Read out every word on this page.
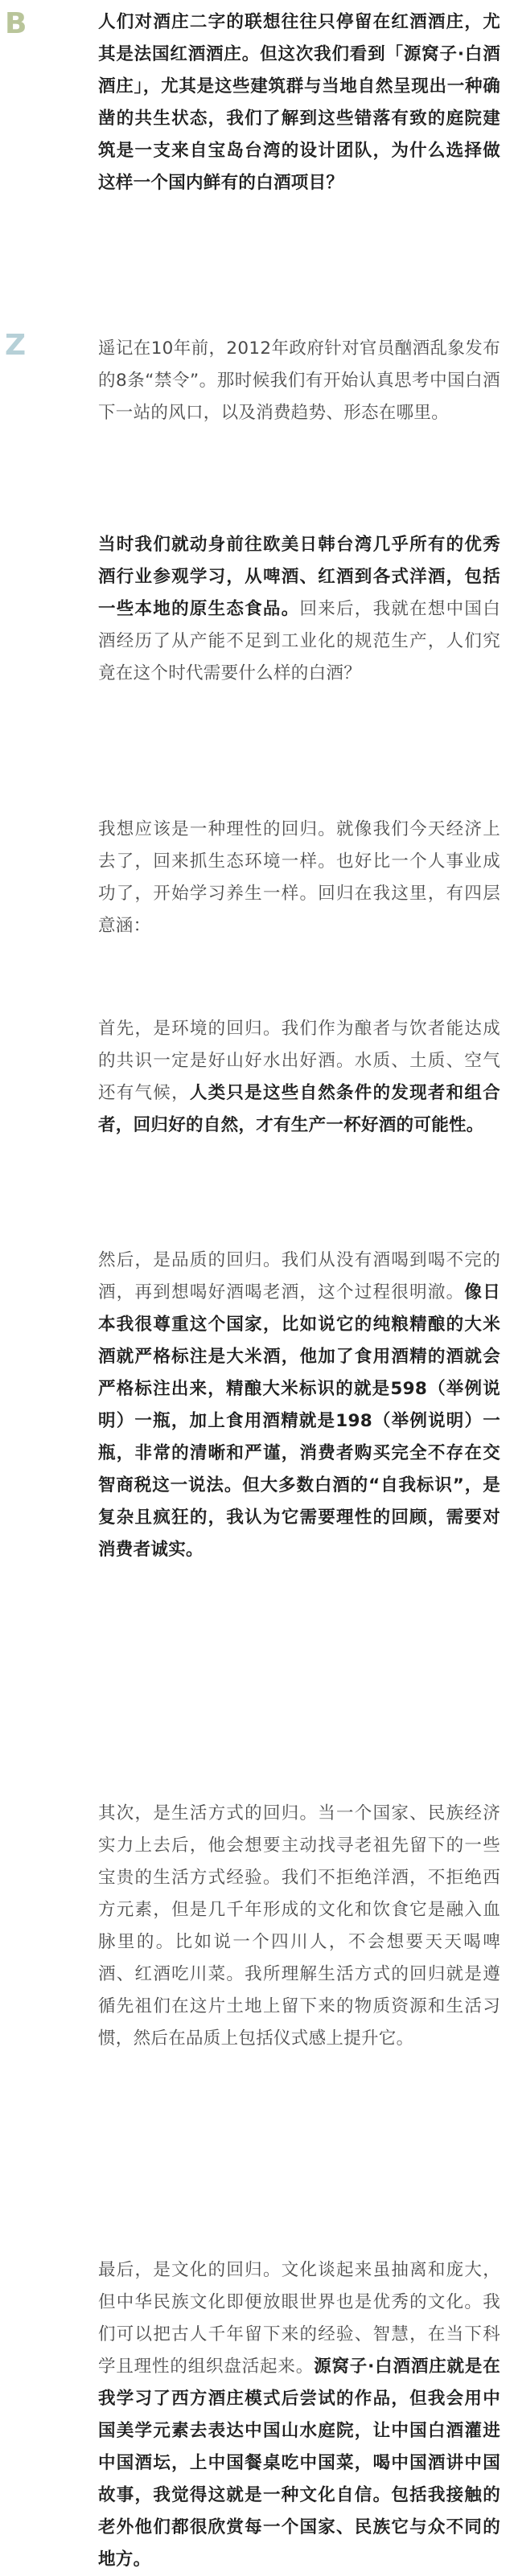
B	人们对酒庄二字的联想往往只停留在红酒酒庄，尤其是法国红酒酒庄。但这次我们看到「源窝子·白酒酒庄」，尤其是这些建筑群与当地自然呈现出一种确凿的共生状态，我们了解到这些错落有致的庭院建筑是一支来自宝岛台湾的设计团队，为什么选择做这样一个国内鲜有的白酒项目？

Z	遥记在10年前，2012年政府针对官员酗酒乱象发布的8条“禁令”。那时候我们有开始认真思考中国白酒下一站的风口，以及消费趋势、形态在哪里。

当时我们就动身前往欧美日韩台湾几乎所有的优秀酒行业参观学习，从啤酒、红酒到各式洋酒，包括一些本地的原生态食品。回来后，我就在想中国白酒经历了从产能不足到工业化的规范生产，人们究竟在这个时代需要什么样的白酒？

我想应该是一种理性的回归。就像我们今天经济上去了，回来抓生态环境一样。也好比一个人事业成功了，开始学习养生一样。回归在我这里，有四层意涵：

首先，是环境的回归。我们作为酿者与饮者能达成的共识一定是好山好水出好酒。水质、土质、空气还有气候，人类只是这些自然条件的发现者和组合者，回归好的自然，才有生产一杯好酒的可能性。

然后，是品质的回归。我们从没有酒喝到喝不完的酒，再到想喝好酒喝老酒，这个过程很明澈。像日本我很尊重这个国家，比如说它的纯粮精酿的大米酒就严格标注是大米酒，他加了食用酒精的酒就会严格标注出来，精酿大米标识的就是598（举例说明）一瓶，加上食用酒精就是198（举例说明）一瓶，非常的清晰和严谨，消费者购买完全不存在交智商税这一说法。但大多数白酒的“自我标识”，是复杂且疯狂的，我认为它需要理性的回顾，需要对消费者诚实。

其次，是生活方式的回归。当一个国家、民族经济实力上去后，他会想要主动找寻老祖先留下的一些宝贵的生活方式经验。我们不拒绝洋酒，不拒绝西方元素，但是几千年形成的文化和饮食它是融入血脉里的。比如说一个四川人，不会想要天天喝啤酒、红酒吃川菜。我所理解生活方式的回归就是遵循先祖们在这片土地上留下来的物质资源和生活习惯，然后在品质上包括仪式感上提升它。

最后，是文化的回归。文化谈起来虽抽离和庞大，但中华民族文化即便放眼世界也是优秀的文化。我们可以把古人千年留下来的经验、智慧，在当下科学且理性的组织盘活起来。源窝子·白酒酒庄就是在我学习了西方酒庄模式后尝试的作品，但我会用中国美学元素去表达中国山水庭院，让中国白酒灌进中国酒坛，上中国餐桌吃中国菜，喝中国酒讲中国故事，我觉得这就是一种文化自信。包括我接触的老外他们都很欣赏每一个国家、民族它与众不同的地方。
